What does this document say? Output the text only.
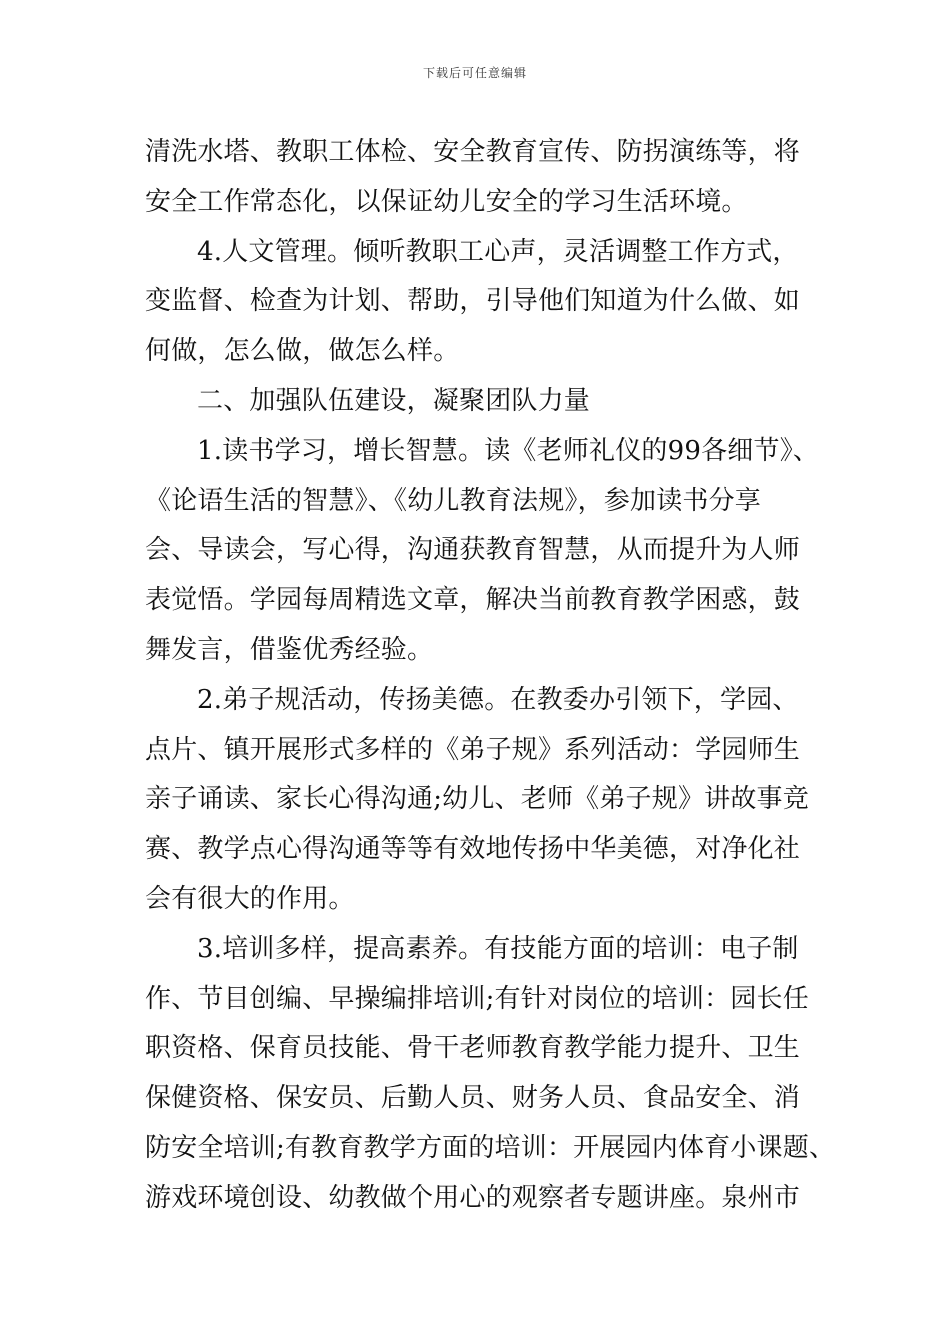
下载后可任意编辑
清洗水塔、教职工体检、安全教育宣传、防拐演练等，将
安全工作常态化，以保证幼儿安全的学习生活环境。
4.人文管理。倾听教职工心声，灵活调整工作方式，
变监督、检查为计划、帮助，引导他们知道为什么做、如
何做，怎么做，做怎么样。
二、加强队伍建设，凝聚团队力量
1.读书学习，增长智慧。读《老师礼仪的99各细节》、
《论语生活的智慧》、《幼儿教育法规》，参加读书分享
会、导读会，写心得，沟通获教育智慧，从而提升为人师
表觉悟。学园每周精选文章，解决当前教育教学困惑，鼓
舞发言，借鉴优秀经验。
2.弟子规活动，传扬美德。在教委办引领下，学园、
点片、镇开展形式多样的《弟子规》系列活动：学园师生
亲子诵读、家长心得沟通;幼儿、老师《弟子规》讲故事竞
赛、教学点心得沟通等等有效地传扬中华美德，对净化社
会有很大的作用。
3.培训多样，提高素养。有技能方面的培训：电子制
作、节目创编、早操编排培训;有针对岗位的培训：园长任
职资格、保育员技能、骨干老师教育教学能力提升、卫生
保健资格、保安员、后勤人员、财务人员、食品安全、消
防安全培训;有教育教学方面的培训：开展园内体育小课题、
游戏环境创设、幼教做个用心的观察者专题讲座。泉州市
